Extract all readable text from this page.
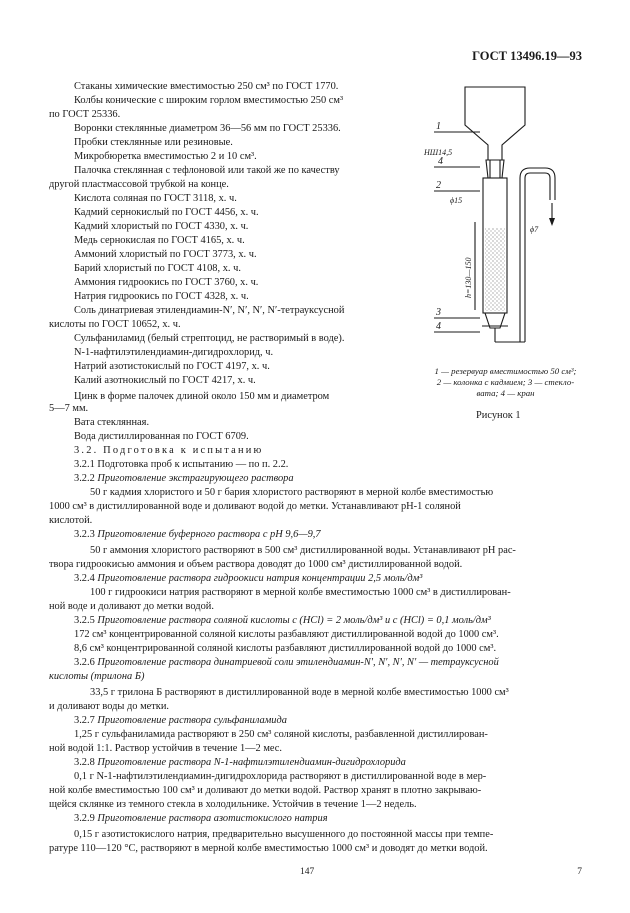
ГОСТ 13496.19—93
Стаканы химические вместимостью 250 см³ по ГОСТ 1770.
Колбы конические с широким горлом вместимостью 250 см³
по ГОСТ 25336.
Воронки стеклянные диаметром 36—56 мм по ГОСТ 25336.
Пробки стеклянные или резиновые.
Микробюретка вместимостью 2 и 10 см³.
Палочка стеклянная с тефлоновой или такой же по качеству
другой пластмассовой трубкой на конце.
Кислота соляная по ГОСТ 3118, х. ч.
Кадмий сернокислый по ГОСТ 4456, х. ч.
Кадмий хлористый по ГОСТ 4330, х. ч.
Медь сернокислая по ГОСТ 4165, х. ч.
Аммоний хлористый по ГОСТ 3773, х. ч.
Барий хлористый по ГОСТ 4108, х. ч.
Аммония гидроокись по ГОСТ 3760, х. ч.
Натрия гидроокись по ГОСТ 4328, х. ч.
Соль динатриевая этилендиамин-N′, N′, N′, N′-тетрауксусной
кислоты по ГОСТ 10652, х. ч.
Сульфаниламид (белый стрептоцид, не растворимый в воде).
N-1-нафтилэтилендиамин-дигидрохлорид, ч.
Натрий азотистокислый по ГОСТ 4197, х. ч.
Калий азотнокислый по ГОСТ 4217, х. ч.
Цинк в форме палочек длиной около 150 мм и диаметром
5—7 мм.
Вата стеклянная.
Вода дистиллированная по ГОСТ 6709.
1
4
НШ14,5
2
ϕ15
ϕ7
3
4
h=130—150
1 — резервуар вместимостью 50 см³;
2 — колонка с кадмием; 3 — стекло-
вата; 4 — кран
Рисунок 1
3.2. Подготовка к испытанию
3.2.1 Подготовка проб к испытанию — по п. 2.2.
3.2.2 Приготовление экстрагирующего раствора
50 г кадмия хлористого и 50 г бария хлористого растворяют в мерной колбе вместимостью
1000 см³ в дистиллированной воде и доливают водой до метки. Устанавливают рН-1 соляной
кислотой.
3.2.3 Приготовление буферного раствора с рН 9,6—9,7
50 г аммония хлористого растворяют в 500 см³ дистиллированной воды. Устанавливают рН рас-
твора гидроокисью аммония и объем раствора доводят до 1000 см³ дистиллированной водой.
3.2.4 Приготовление раствора гидроокиси натрия концентрации 2,5 моль/дм³
100 г гидроокиси натрия растворяют в мерной колбе вместимостью 1000 см³ в дистиллирован-
ной воде и доливают до метки водой.
3.2.5 Приготовление раствора соляной кислоты с (HCl) = 2 моль/дм³ и с (HCl) = 0,1 моль/дм³
172 см³ концентрированной соляной кислоты разбавляют дистиллированной водой до 1000 см³.
8,6 см³ концентрированной соляной кислоты разбавляют дистиллированной водой до 1000 см³.
3.2.6 Приготовление раствора динатриевой соли этилендиамин-N′, N′, N′, N′ — тетрауксусной
кислоты (трилона Б)
33,5 г трилона Б растворяют в дистиллированной воде в мерной колбе вместимостью 1000 см³
и доливают воды до метки.
3.2.7 Приготовление раствора сульфаниламида
1,25 г сульфаниламида растворяют в 250 см³ соляной кислоты, разбавленной дистиллирован-
ной водой 1:1. Раствор устойчив в течение 1—2 мес.
3.2.8 Приготовление раствора N-1-нафтилэтилендиамин-дигидрохлорида
0,1 г N-1-нафтилэтилендиамин-дигидрохлорида растворяют в дистиллированной воде в мер-
ной колбе вместимостью 100 см³ и доливают до метки водой. Раствор хранят в плотно закрываю-
щейся склянке из темного стекла в холодильнике. Устойчив в течение 1—2 недель.
3.2.9 Приготовление раствора азотистокислого натрия
0,15 г азотистокислого натрия, предварительно высушенного до постоянной массы при темпе-
ратуре 110—120 °С, растворяют в мерной колбе вместимостью 1000 см³ и доводят до метки водой.
147	7
